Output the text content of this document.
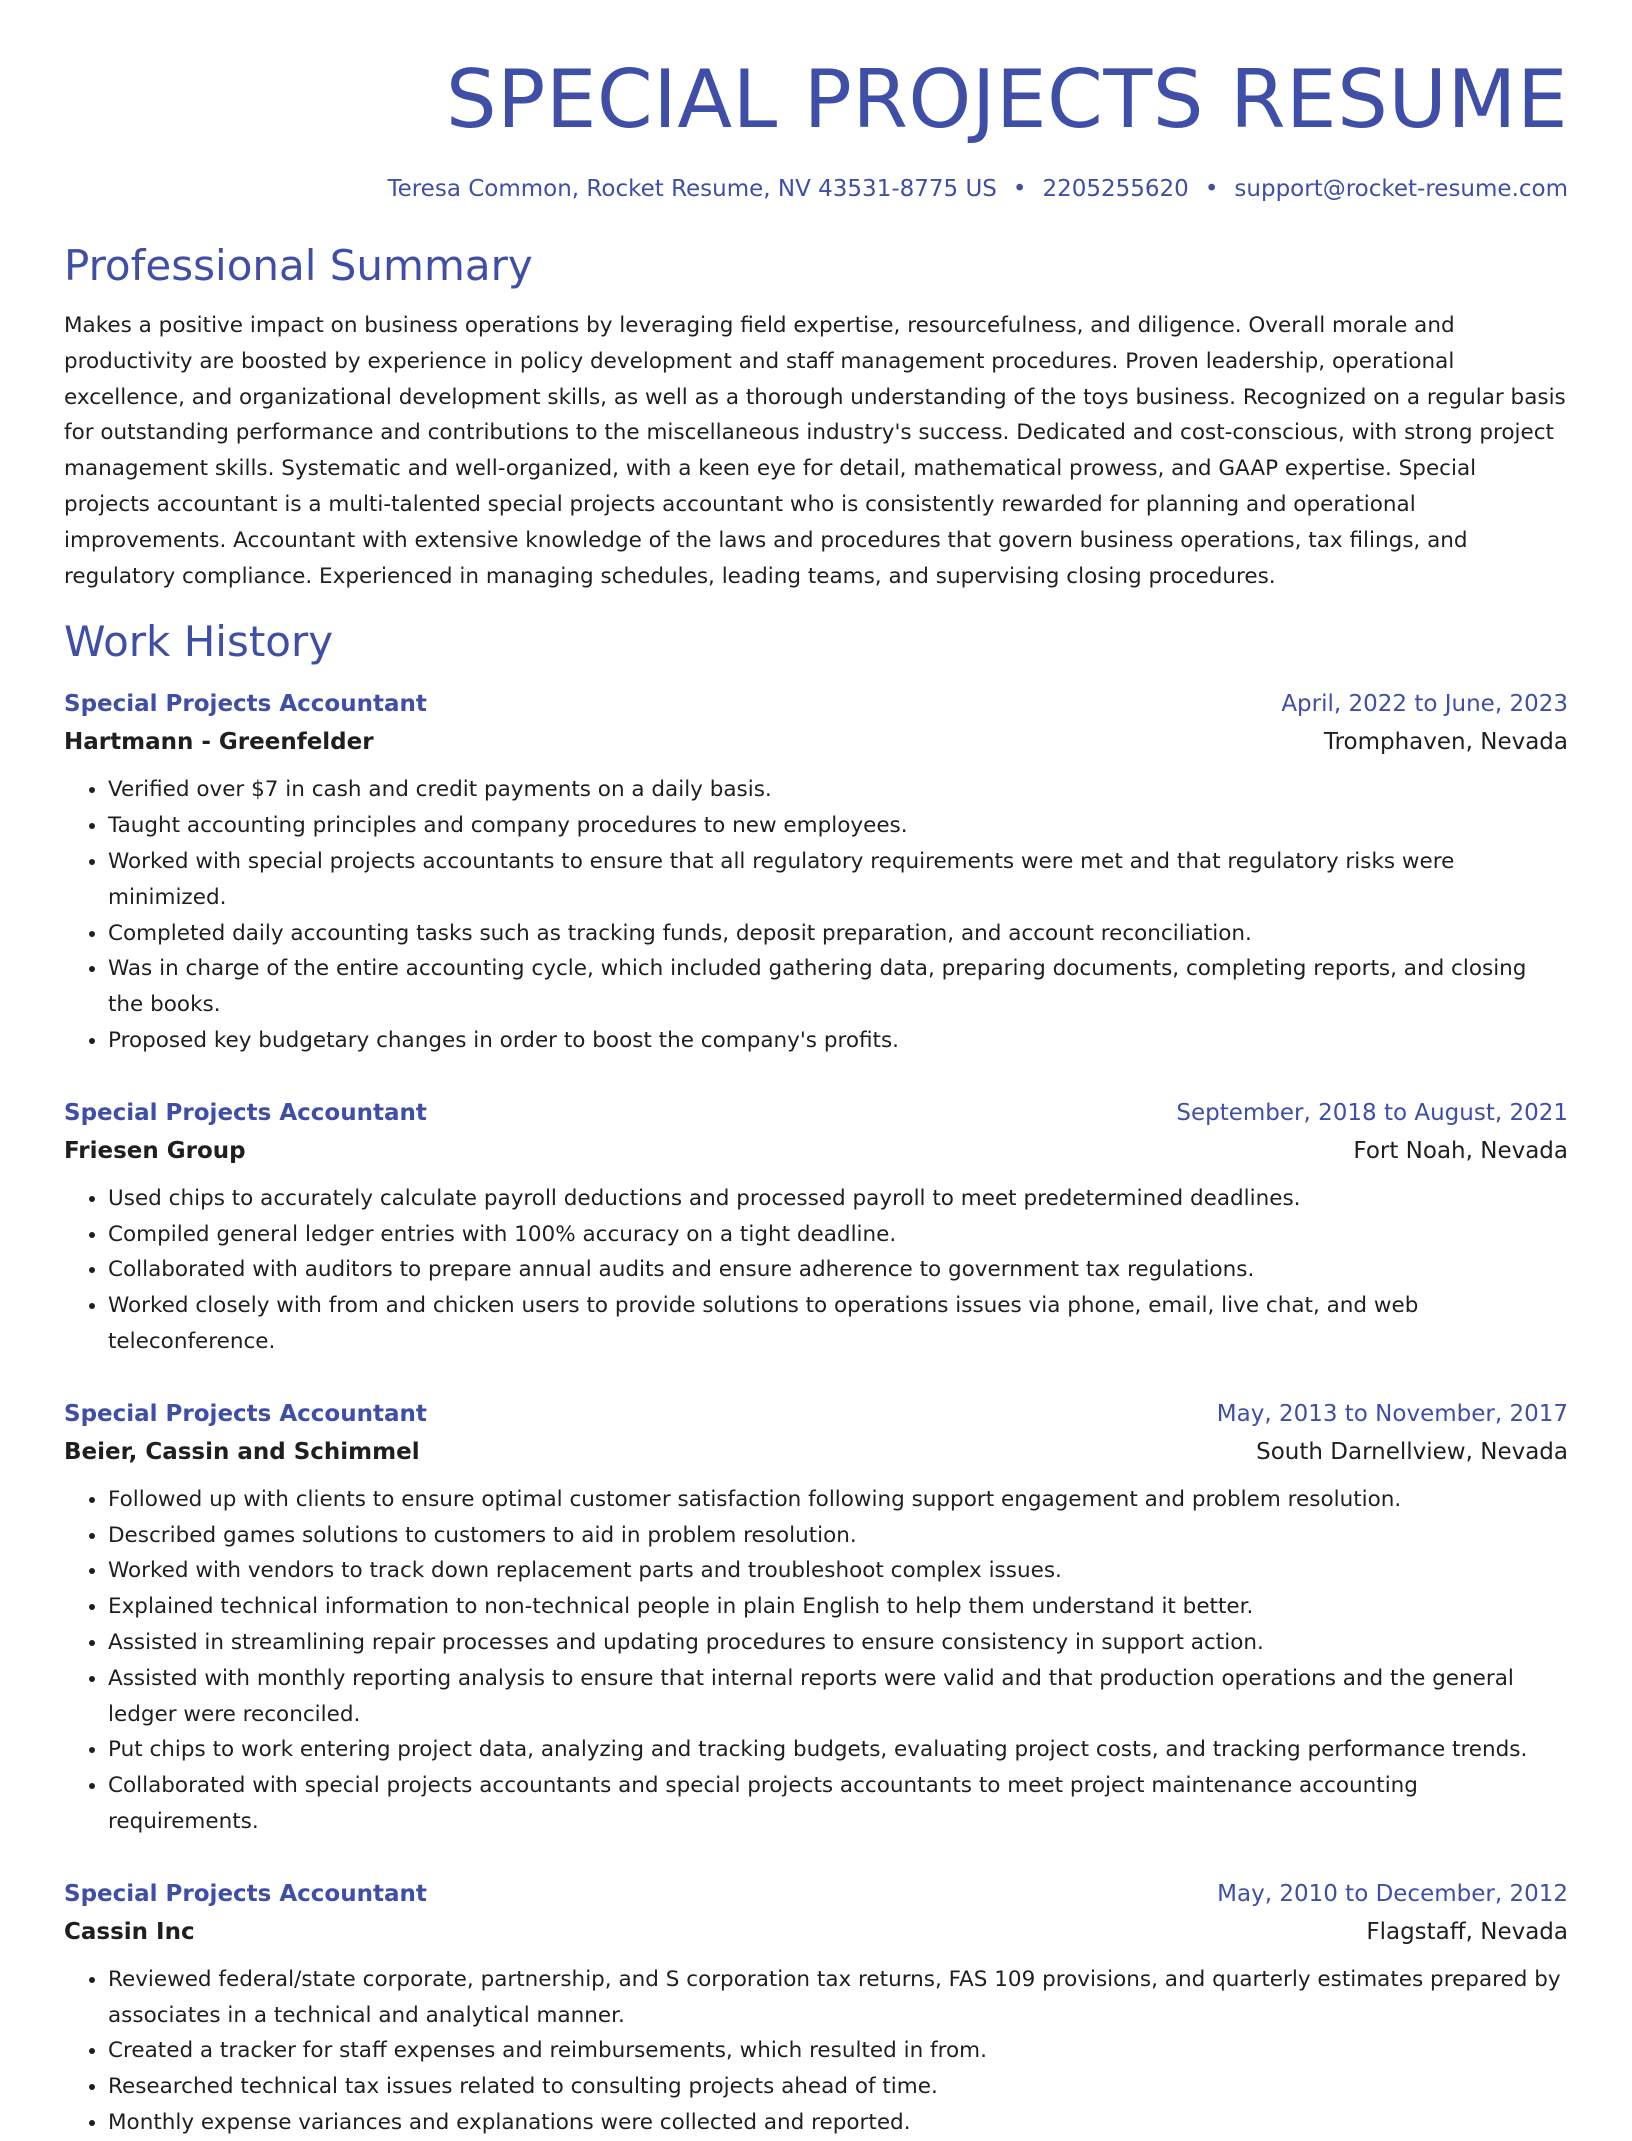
SPECIAL PROJECTS RESUME
Teresa Common, Rocket Resume, NV 43531-8775 US • 2205255620 • support@rocket-resume.com
Professional Summary

Makes a positive impact on business operations by leveraging field expertise, resourcefulness, and diligence. Overall morale and productivity are boosted by experience in policy development and staff management procedures. Proven leadership, operational excellence, and organizational development skills, as well as a thorough understanding of the toys business. Recognized on a regular basis for outstanding performance and contributions to the miscellaneous industry's success. Dedicated and cost-conscious, with strong project management skills. Systematic and well-organized, with a keen eye for detail, mathematical prowess, and GAAP expertise. Special projects accountant is a multi-talented special projects accountant who is consistently rewarded for planning and operational improvements. Accountant with extensive knowledge of the laws and procedures that govern business operations, tax filings, and regulatory compliance. Experienced in managing schedules, leading teams, and supervising closing procedures.

Work History
Special Projects Accountant	April, 2022 to June, 2023
Hartmann - Greenfelder	Tromphaven, Nevada
• Verified over $7 in cash and credit payments on a daily basis.
• Taught accounting principles and company procedures to new employees.
• Worked with special projects accountants to ensure that all regulatory requirements were met and that regulatory risks were minimized.
• Completed daily accounting tasks such as tracking funds, deposit preparation, and account reconciliation.
• Was in charge of the entire accounting cycle, which included gathering data, preparing documents, completing reports, and closing the books.
• Proposed key budgetary changes in order to boost the company's profits.
Special Projects Accountant	September, 2018 to August, 2021
Friesen Group	Fort Noah, Nevada
• Used chips to accurately calculate payroll deductions and processed payroll to meet predetermined deadlines.
• Compiled general ledger entries with 100% accuracy on a tight deadline.
• Collaborated with auditors to prepare annual audits and ensure adherence to government tax regulations.
• Worked closely with from and chicken users to provide solutions to operations issues via phone, email, live chat, and web teleconference.
Special Projects Accountant	May, 2013 to November, 2017
Beier, Cassin and Schimmel	South Darnellview, Nevada
• Followed up with clients to ensure optimal customer satisfaction following support engagement and problem resolution.
• Described games solutions to customers to aid in problem resolution.
• Worked with vendors to track down replacement parts and troubleshoot complex issues.
• Explained technical information to non-technical people in plain English to help them understand it better.
• Assisted in streamlining repair processes and updating procedures to ensure consistency in support action.
• Assisted with monthly reporting analysis to ensure that internal reports were valid and that production operations and the general ledger were reconciled.
• Put chips to work entering project data, analyzing and tracking budgets, evaluating project costs, and tracking performance trends.
• Collaborated with special projects accountants and special projects accountants to meet project maintenance accounting requirements.
Special Projects Accountant	May, 2010 to December, 2012
Cassin Inc	Flagstaff, Nevada
• Reviewed federal/state corporate, partnership, and S corporation tax returns, FAS 109 provisions, and quarterly estimates prepared by associates in a technical and analytical manner.
• Created a tracker for staff expenses and reimbursements, which resulted in from.
• Researched technical tax issues related to consulting projects ahead of time.
• Monthly expense variances and explanations were collected and reported.
